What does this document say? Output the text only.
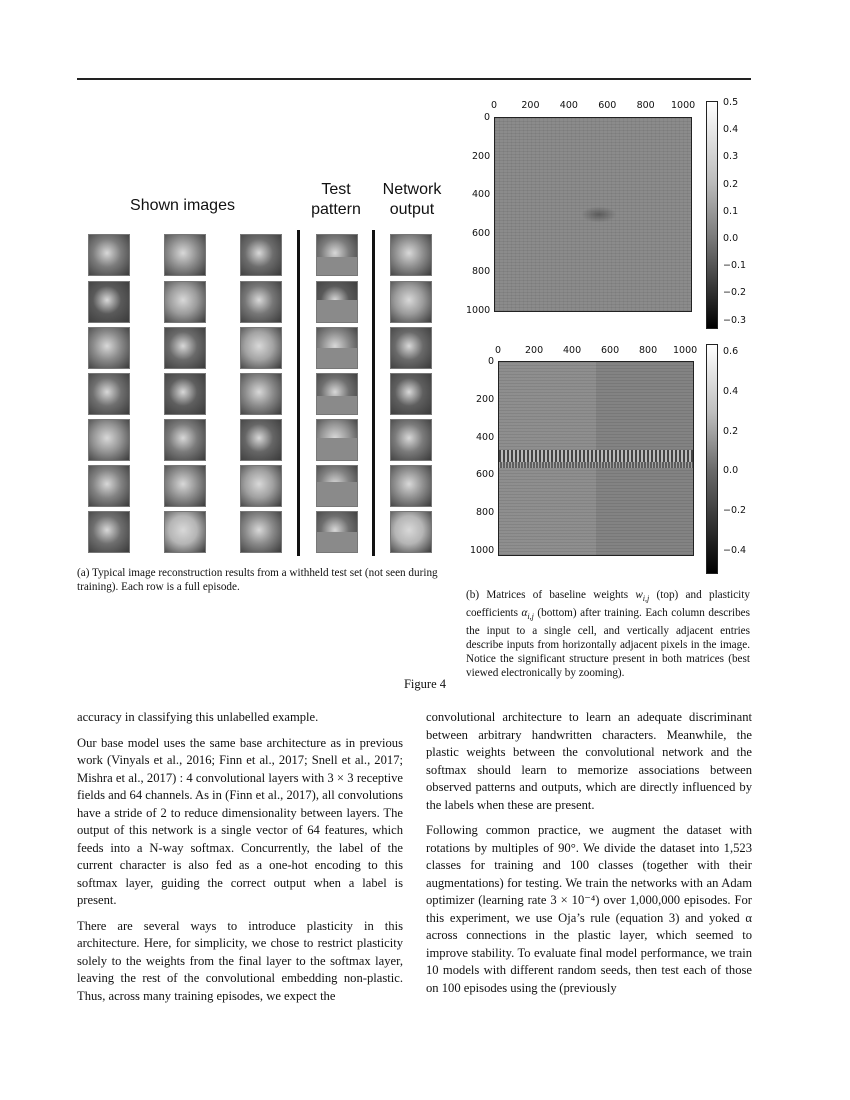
Shown images
Test
pattern
Network
output
(a) Typical image reconstruction results from a withheld test set (not seen during training). Each row is a full episode.
0	200 400 600 800 1000
0
200
400
600
800
1000
0.5
0.4
0.3
0.2
0.1
0.0
−0.1
−0.2
−0.3
0	200 400 600 800 1000
0
200
400
600
800
1000
0.6
0.4
0.2
0.0
−0.2
−0.4
(b) Matrices of baseline weights $w_{i,j}$ (top) and plasticity coefficients $\alpha_{i,j}$ (bottom) after training. Each column describes the input to a single cell, and vertically adjacent entries describe inputs from horizontally adjacent pixels in the image. Notice the significant structure present in both matrices (best viewed electronically by zooming).
Figure 4

accuracy in classifying this unlabelled example.

Our base model uses the same base architecture as in previous work (Vinyals et al., 2016; Finn et al., 2017; Snell et al., 2017; Mishra et al., 2017) : 4 convolutional layers with 3 × 3 receptive fields and 64 channels. As in (Finn et al., 2017), all convolutions have a stride of 2 to reduce dimensionality between layers. The output of this network is a single vector of 64 features, which feeds into a N-way softmax. Concurrently, the label of the current character is also fed as a one-hot encoding to this softmax layer, guiding the correct output when a label is present.

There are several ways to introduce plasticity in this architecture. Here, for simplicity, we chose to restrict plasticity solely to the weights from the final layer to the softmax layer, leaving the rest of the convolutional embedding non-plastic. Thus, across many training episodes, we expect the

convolutional architecture to learn an adequate discriminant between arbitrary handwritten characters. Meanwhile, the plastic weights between the convolutional network and the softmax should learn to memorize associations between observed patterns and outputs, which are directly influenced by the labels when these are present.

Following common practice, we augment the dataset with rotations by multiples of 90°. We divide the dataset into 1,523 classes for training and 100 classes (together with their augmentations) for testing. We train the networks with an Adam optimizer (learning rate 3 × 10⁻⁴) over 1,000,000 episodes. For this experiment, we use Oja’s rule (equation 3) and yoked α across connections in the plastic layer, which seemed to improve stability. To evaluate final model performance, we train 10 models with different random seeds, then test each of those on 100 episodes using the (previously
